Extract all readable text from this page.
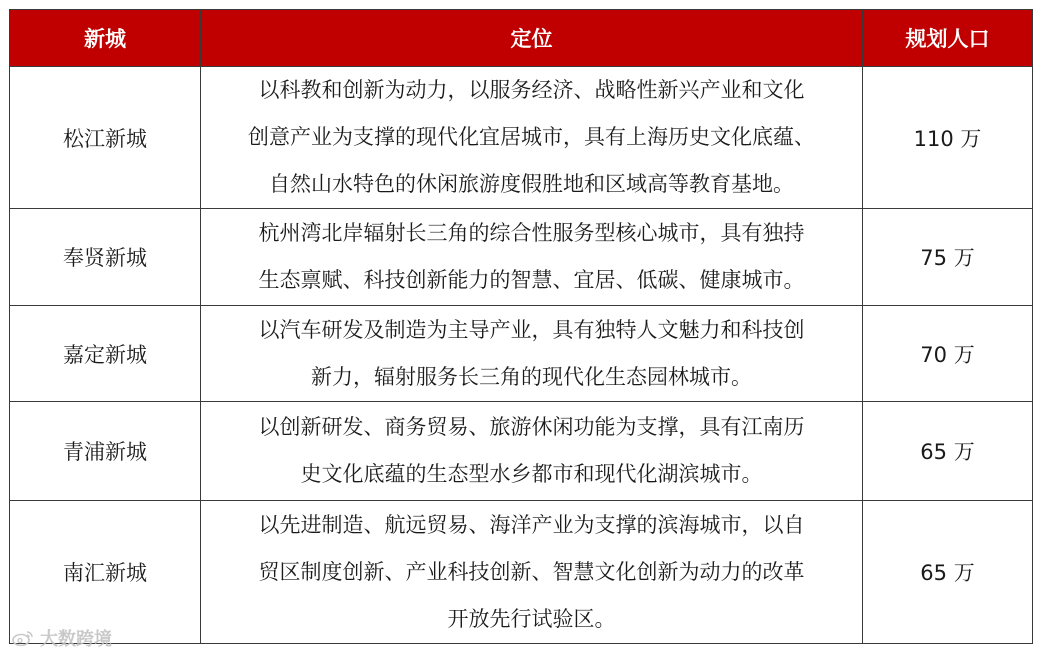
新城	定位	规划人口
松江新城	以科教和创新为动力，以服务经济、战略性新兴产业和文化
创意产业为支撑的现代化宜居城市，具有上海历史文化底蕴、
自然山水特色的休闲旅游度假胜地和区域高等教育基地。	110 万
奉贤新城	杭州湾北岸辐射长三角的综合性服务型核心城市，具有独持
生态禀赋、科技创新能力的智慧、宜居、低碳、健康城市。	75 万
嘉定新城	以汽车研发及制造为主导产业，具有独特人文魅力和科技创
新力，辐射服务长三角的现代化生态园林城市。	70 万
青浦新城	以创新研发、商务贸易、旅游休闲功能为支撑，具有江南历
史文化底蕴的生态型水乡都市和现代化湖滨城市。	65 万
南汇新城	以先进制造、航远贸易、海洋产业为支撑的滨海城市，以自
贸区制度创新、产业科技创新、智慧文化创新为动力的改革
开放先行试验区。	65 万
大数跨境
